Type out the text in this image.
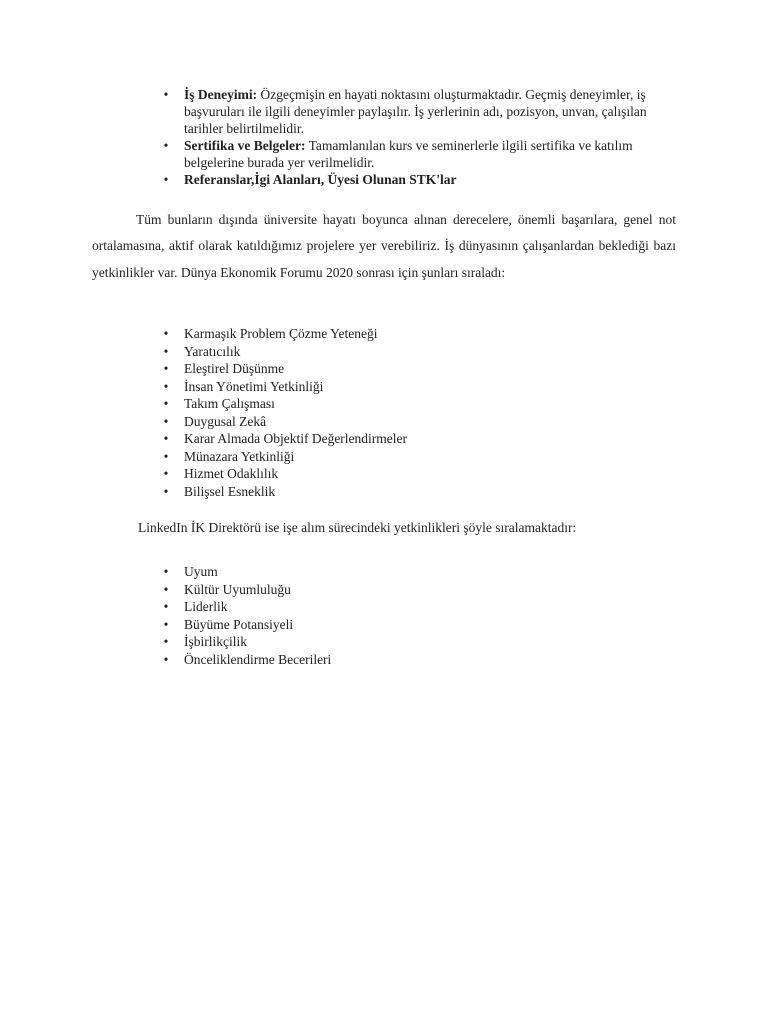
• İş Deneyimi: Özgeçmişin en hayati noktasını oluşturmaktadır. Geçmiş deneyimler, iş başvuruları ile ilgili deneyimler paylaşılır. İş yerlerinin adı, pozisyon, unvan, çalışılan tarihler belirtilmelidir.
• Sertifika ve Belgeler: Tamamlanılan kurs ve seminerlerle ilgili sertifika ve katılım belgelerine burada yer verilmelidir.
• Referanslar,İgi Alanları, Üyesi Olunan STK'lar

Tüm bunların dışında üniversite hayatı boyunca alınan derecelere, önemli başarılara, genel not ortalamasına, aktif olarak katıldığımız projelere yer verebiliriz. İş dünyasının çalışanlardan beklediği bazı yetkinlikler var. Dünya Ekonomik Forumu 2020 sonrası için şunları sıraladı:

• Karmaşık Problem Çözme Yeteneği
• Yaratıcılık
• Eleştirel Düşünme
• İnsan Yönetimi Yetkinliği
• Takım Çalışması
• Duygusal Zekâ
• Karar Almada Objektif Değerlendirmeler
• Münazara Yetkinliği
• Hizmet Odaklılık
• Bilişsel Esneklik
LinkedIn İK Direktörü ise işe alım sürecindeki yetkinlikleri şöyle sıralamaktadır:
• Uyum
• Kültür Uyumluluğu
• Liderlik
• Büyüme Potansiyeli
• İşbirlikçilik
• Önceliklendirme Becerileri
